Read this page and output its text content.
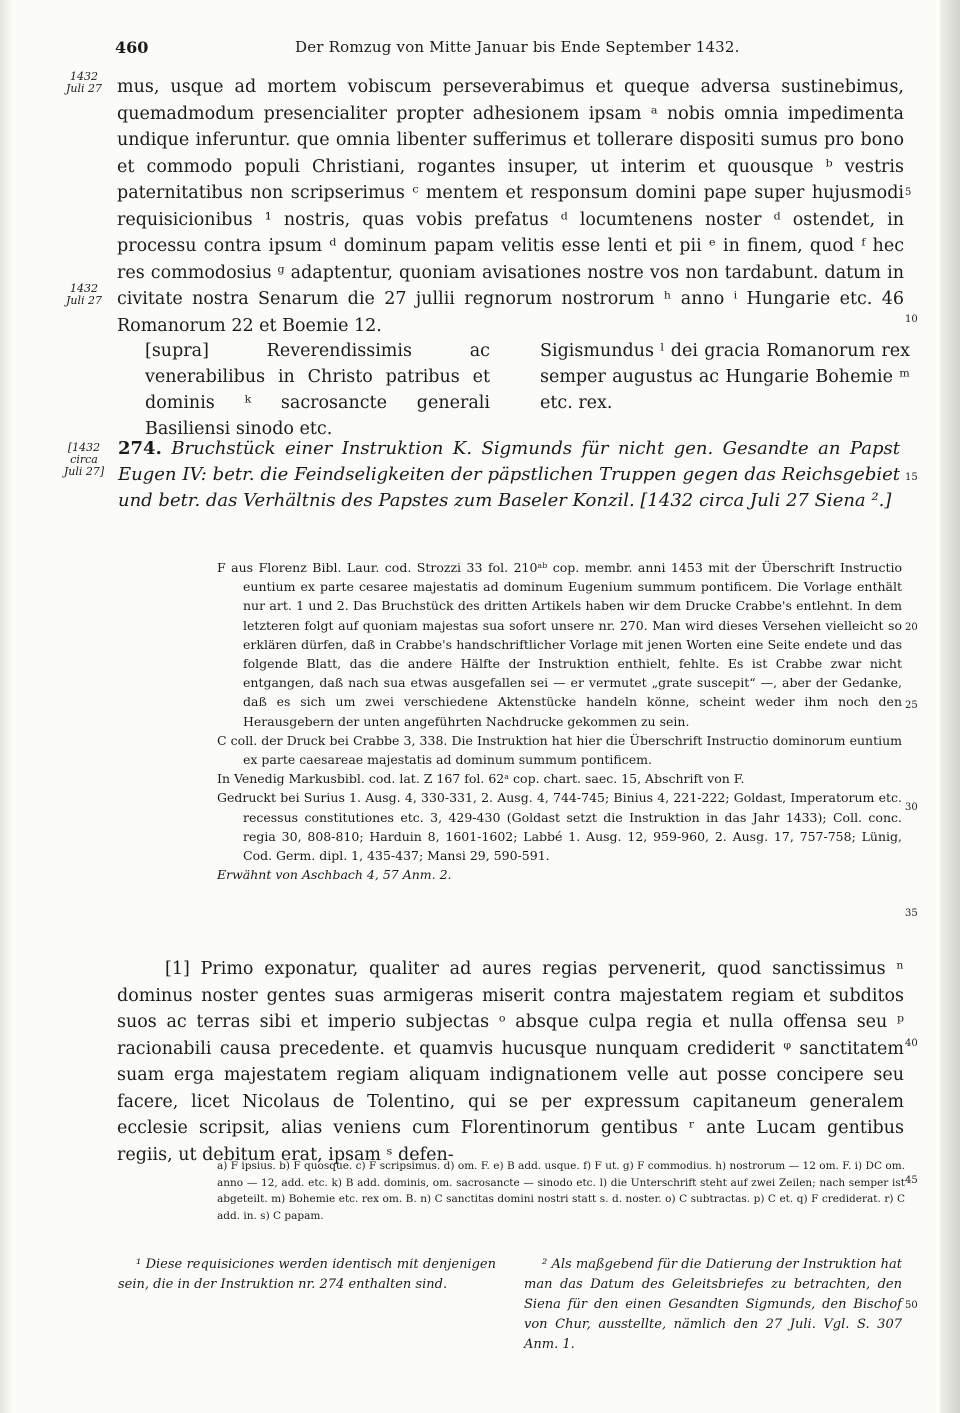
460	Der Romzug von Mitte Januar bis Ende September 1432.
1432
Juli 27
1432
Juli 27
[1432
circa
Juli 27]
5
10
15
20
25
30
35
40
45
50

mus, usque ad mortem vobiscum perseverabimus et queque adversa sustinebimus, quemadmodum presencialiter propter adhesionem ipsam ᵃ nobis omnia impedimenta undique inferuntur. que omnia libenter sufferimus et tollerare dispositi sumus pro bono et commodo populi Christiani, rogantes insuper, ut interim et quousque ᵇ vestris paternitatibus non scripserimus ᶜ mentem et responsum domini pape super hujusmodi requisicionibus ¹ nostris, quas vobis prefatus ᵈ locumtenens noster ᵈ ostendet, in processu contra ipsum ᵈ dominum papam velitis esse lenti et pii ᵉ in finem, quod ᶠ hec res commodosius ᵍ adaptentur, quoniam avisationes nostre vos non tardabunt. datum in civitate nostra Senarum die 27 jullii regnorum nostrorum ʰ anno ⁱ Hungarie etc. 46 Romanorum 22 et Boemie 12.

[supra] Reverendissimis ac venerabilibus in Christo patribus et dominis ᵏ sacrosancte generali Basiliensi sinodo etc.
Sigismundus ˡ dei gracia Romanorum rex semper augustus ac Hungarie Bohemie ᵐ etc. rex.
274. Bruchstück einer Instruktion K. Sigmunds für nicht gen. Gesandte an Papst Eugen IV: betr. die Feindseligkeiten der päpstlichen Truppen gegen das Reichsgebiet und betr. das Verhältnis des Papstes zum Baseler Konzil. [1432 circa Juli 27 Siena ².]

F aus Florenz Bibl. Laur. cod. Strozzi 33 fol. 210ᵃᵇ cop. membr. anni 1453 mit der Überschrift Instructio euntium ex parte cesaree majestatis ad dominum Eugenium summum pontificem. Die Vorlage enthält nur art. 1 und 2. Das Bruchstück des dritten Artikels haben wir dem Drucke Crabbe's entlehnt. In dem letzteren folgt auf quoniam majestas sua sofort unsere nr. 270. Man wird dieses Versehen vielleicht so erklären dürfen, daß in Crabbe's handschriftlicher Vorlage mit jenen Worten eine Seite endete und das folgende Blatt, das die andere Hälfte der Instruktion enthielt, fehlte. Es ist Crabbe zwar nicht entgangen, daß nach sua etwas ausgefallen sei — er vermutet „grate suscepit“ —, aber der Gedanke, daß es sich um zwei verschiedene Aktenstücke handeln könne, scheint weder ihm noch den Herausgebern der unten angeführten Nachdrucke gekommen zu sein.

C coll. der Druck bei Crabbe 3, 338. Die Instruktion hat hier die Überschrift Instructio dominorum euntium ex parte caesareae majestatis ad dominum summum pontificem.

In Venedig Markusbibl. cod. lat. Z 167 fol. 62ᵃ cop. chart. saec. 15, Abschrift von F.

Gedruckt bei Surius 1. Ausg. 4, 330-331, 2. Ausg. 4, 744-745; Binius 4, 221-222; Goldast, Imperatorum etc. recessus constitutiones etc. 3, 429-430 (Goldast setzt die Instruktion in das Jahr 1433); Coll. conc. regia 30, 808-810; Harduin 8, 1601-1602; Labbé 1. Ausg. 12, 959-960, 2. Ausg. 17, 757-758; Lünig, Cod. Germ. dipl. 1, 435-437; Mansi 29, 590-591.

Erwähnt von Aschbach 4, 57 Anm. 2.

[1] Primo exponatur, qualiter ad aures regias pervenerit, quod sanctissimus ⁿ dominus noster gentes suas armigeras miserit contra majestatem regiam et subditos suos ac terras sibi et imperio subjectas ᵒ absque culpa regia et nulla offensa seu ᵖ racionabili causa precedente. et quamvis hucusque nunquam crediderit ᵠ sanctitatem suam erga majestatem regiam aliquam indignationem velle aut posse concipere seu facere, licet Nicolaus de Tolentino, qui se per expressum capitaneum generalem ecclesie scripsit, alias veniens cum Florentinorum gentibus ʳ ante Lucam gentibus regiis, ut debitum erat, ipsam ˢ defen-

a) F ipsius. b) F quosque. c) F scripsimus. d) om. F. e) B add. usque. f) F ut. g) F commodius. h) nostrorum — 12 om. F. i) DC om. anno — 12, add. etc. k) B add. dominis, om. sacrosancte — sinodo etc. l) die Unterschrift steht auf zwei Zeilen; nach semper ist abgeteilt. m) Bohemie etc. rex om. B. n) C sanctitas domini nostri statt s. d. noster. o) C subtractas. p) C et. q) F crediderat. r) C add. in. s) C papam.

¹ Diese requisiciones werden identisch mit denjenigen sein, die in der Instruktion nr. 274 enthalten sind.

² Als maßgebend für die Datierung der Instruktion hat man das Datum des Geleitsbriefes zu betrachten, den Siena für den einen Gesandten Sigmunds, den Bischof von Chur, ausstellte, nämlich den 27 Juli. Vgl. S. 307 Anm. 1.
